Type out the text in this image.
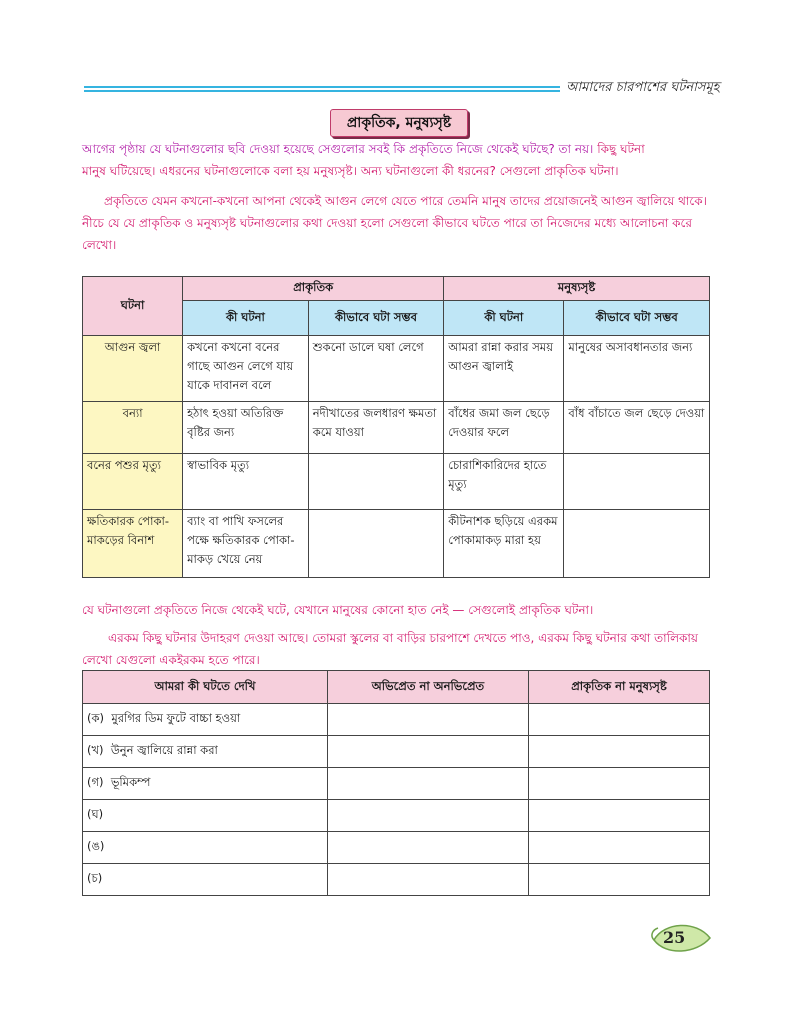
আমাদের চারপাশের ঘটনাসমূহ
প্রাকৃতিক, মনুষ্যসৃষ্ট
আগের পৃষ্ঠায় যে ঘটনাগুলোর ছবি দেওয়া হয়েছে সেগুলোর সবই কি প্রকৃতিতে নিজে থেকেই ঘটছে? তা নয়। কিছু ঘটনা
মানুষ ঘটিয়েছে। এধরনের ঘটনাগুলোকে বলা হয় মনুষ্যসৃষ্ট। অন্য ঘটনাগুলো কী ধরনের? সেগুলো প্রাকৃতিক ঘটনা।
প্রকৃতিতে যেমন কখনো-কখনো আপনা থেকেই আগুন লেগে যেতে পারে তেমনি মানুষ তাদের প্রয়োজনেই আগুন জ্বালিয়ে থাকে। নীচে যে যে প্রাকৃতিক ও মনুষ্যসৃষ্ট ঘটনাগুলোর কথা দেওয়া হলো সেগুলো কীভাবে ঘটতে পারে তা নিজেদের মধ্যে আলোচনা করে লেখো।
ঘটনা	প্রাকৃতিক		মনুষ্যসৃষ্ট	
	কী ঘটনা	কীভাবে ঘটা সম্ভব	কী ঘটনা	কীভাবে ঘটা সম্ভব
আগুন জ্বলা	কখনো কখনো বনের গাছে আগুন লেগে যায় যাকে দাবানল বলে	শুকনো ডালে ঘষা লেগে	আমরা রান্না করার সময় আগুন জ্বালাই	মানুষের অসাবধানতার জন্য
বন্যা	হঠাৎ হওয়া অতিরিক্ত বৃষ্টির জন্য	নদীখাতের জলধারণ ক্ষমতা কমে যাওয়া	বাঁধের জমা জল ছেড়ে দেওয়ার ফলে	বাঁধ বাঁচাতে জল ছেড়ে দেওয়া
বনের পশুর মৃত্যু	স্বাভাবিক মৃত্যু		চোরাশিকারিদের হাতে মৃত্যু	
ক্ষতিকারক পোকা-মাকড়ের বিনাশ	ব্যাং বা পাখি ফসলের পক্ষে ক্ষতিকারক পোকা-মাকড় খেয়ে নেয়		কীটনাশক ছড়িয়ে এরকম পোকামাকড় মারা হয়	
যে ঘটনাগুলো প্রকৃতিতে নিজে থেকেই ঘটে, যেখানে মানুষের কোনো হাত নেই — সেগুলোই প্রাকৃতিক ঘটনা।
এরকম কিছু ঘটনার উদাহরণ দেওয়া আছে। তোমরা স্কুলের বা বাড়ির চারপাশে দেখতে পাও, এরকম কিছু ঘটনার কথা তালিকায় লেখো যেগুলো একইরকম হতে পারে।
আমরা কী ঘটতে দেখি	অভিপ্রেত না অনভিপ্রেত	প্রাকৃতিক না মনুষ্যসৃষ্ট
(ক) মুরগির ডিম ফুটে বাচ্চা হওয়া		
(খ) উনুন জ্বালিয়ে রান্না করা		
(গ) ভূমিকম্প		
(ঘ)		
(ঙ)		
(চ)		
25
